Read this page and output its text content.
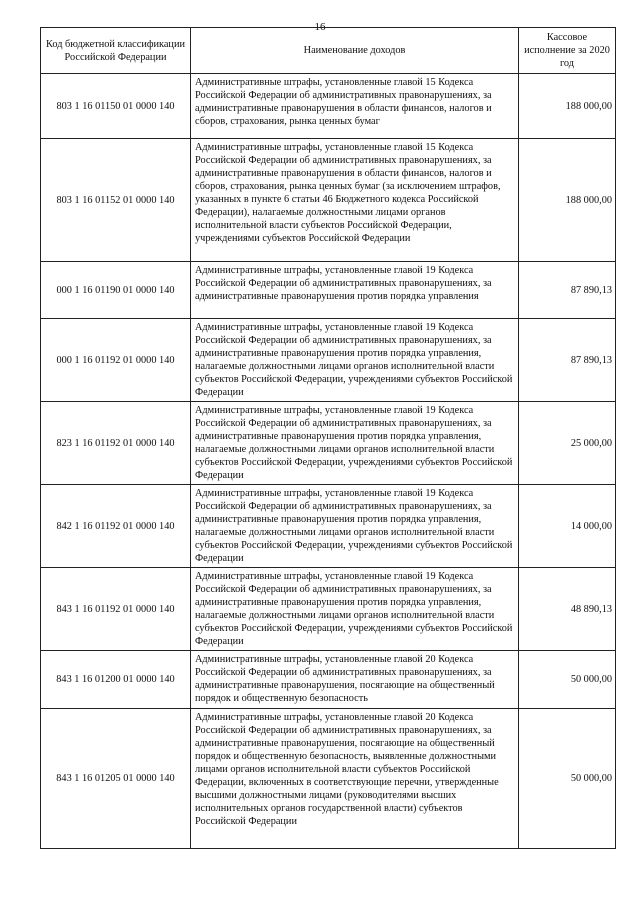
16
Код бюджетной классификации Российской Федерации	Наименование доходов	Кассовое исполнение за 2020 год
803 1 16 01150 01 0000 140	Административные штрафы, установленные главой 15 Кодекса Российской Федерации об административных правонарушениях, за административные правонарушения в области финансов, налогов и сборов, страхования, рынка ценных бумаг	188 000,00
803 1 16 01152 01 0000 140	Административные штрафы, установленные главой 15 Кодекса Российской Федерации об административных правонарушениях, за административные правонарушения в области финансов, налогов и сборов, страхования, рынка ценных бумаг (за исключением штрафов, указанных в пункте 6 статьи 46 Бюджетного кодекса Российской Федерации), налагаемые должностными лицами органов исполнительной власти субъектов Российской Федерации, учреждениями субъектов Российской Федерации	188 000,00
000 1 16 01190 01 0000 140	Административные штрафы, установленные главой 19 Кодекса Российской Федерации об административных правонарушениях, за административные правонарушения против порядка управления	87 890,13
000 1 16 01192 01 0000 140	Административные штрафы, установленные главой 19 Кодекса Российской Федерации об административных правонарушениях, за административные правонарушения против порядка управления, налагаемые должностными лицами органов исполнительной власти субъектов Российской Федерации, учреждениями субъектов Российской Федерации	87 890,13
823 1 16 01192 01 0000 140	Административные штрафы, установленные главой 19 Кодекса Российской Федерации об административных правонарушениях, за административные правонарушения против порядка управления, налагаемые должностными лицами органов исполнительной власти субъектов Российской Федерации, учреждениями субъектов Российской Федерации	25 000,00
842 1 16 01192 01 0000 140	Административные штрафы, установленные главой 19 Кодекса Российской Федерации об административных правонарушениях, за административные правонарушения против порядка управления, налагаемые должностными лицами органов исполнительной власти субъектов Российской Федерации, учреждениями субъектов Российской Федерации	14 000,00
843 1 16 01192 01 0000 140	Административные штрафы, установленные главой 19 Кодекса Российской Федерации об административных правонарушениях, за административные правонарушения против порядка управления, налагаемые должностными лицами органов исполнительной власти субъектов Российской Федерации, учреждениями субъектов Российской Федерации	48 890,13
843 1 16 01200 01 0000 140	Административные штрафы, установленные главой 20 Кодекса Российской Федерации об административных правонарушениях, за административные правонарушения, посягающие на общественный порядок и общественную безопасность	50 000,00
843 1 16 01205 01 0000 140	Административные штрафы, установленные главой 20 Кодекса Российской Федерации об административных правонарушениях, за административные правонарушения, посягающие на общественный порядок и общественную безопасность, выявленные должностными лицами органов исполнительной власти субъектов Российской Федерации, включенных в соответствующие перечни, утвержденные высшими должностными лицами (руководителями высших исполнительных органов государственной власти) субъектов Российской Федерации	50 000,00
